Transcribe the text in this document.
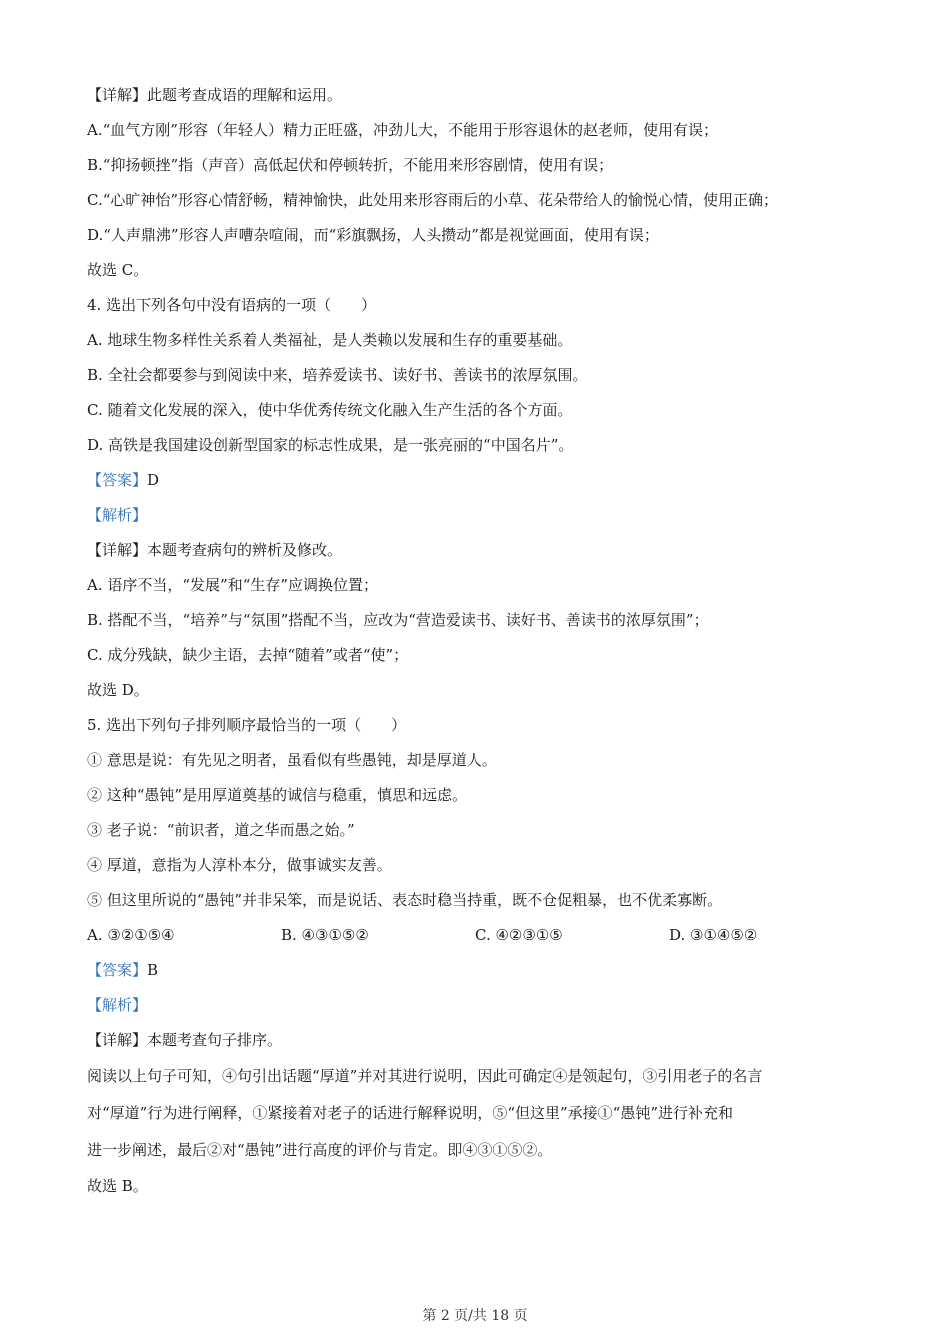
【详解】此题考查成语的理解和运用。
A.“血气方刚”形容（年轻人）精力正旺盛，冲劲儿大，不能用于形容退休的赵老师，使用有误；
B.“抑扬顿挫”指（声音）高低起伏和停顿转折，不能用来形容剧情，使用有误；
C.“心旷神怡”形容心情舒畅，精神愉快，此处用来形容雨后的小草、花朵带给人的愉悦心情，使用正确；
D.“人声鼎沸”形容人声嘈杂喧闹，而“彩旗飘扬，人头攒动”都是视觉画面，使用有误；
故选 C。
4. 选出下列各句中没有语病的一项（　　）
A. 地球生物多样性关系着人类福祉，是人类赖以发展和生存的重要基础。
B. 全社会都要参与到阅读中来，培养爱读书、读好书、善读书的浓厚氛围。
C. 随着文化发展的深入，使中华优秀传统文化融入生产生活的各个方面。
D. 高铁是我国建设创新型国家的标志性成果，是一张亮丽的“中国名片”。
【答案】D
【解析】
【详解】本题考查病句的辨析及修改。
A. 语序不当，“发展”和“生存”应调换位置；
B. 搭配不当，“培养”与“氛围”搭配不当，应改为“营造爱读书、读好书、善读书的浓厚氛围”；
C. 成分残缺，缺少主语，去掉“随着”或者“使”；
故选 D。
5. 选出下列句子排列顺序最恰当的一项（　　）
① 意思是说：有先见之明者，虽看似有些愚钝，却是厚道人。
② 这种“愚钝”是用厚道奠基的诚信与稳重，慎思和远虑。
③ 老子说：“前识者，道之华而愚之始。”
④ 厚道，意指为人淳朴本分，做事诚实友善。
⑤ 但这里所说的“愚钝”并非呆笨，而是说话、表态时稳当持重，既不仓促粗暴，也不优柔寡断。
A. ③②①⑤④	B. ④③①⑤②	C. ④②③①⑤	D. ③①④⑤②
【答案】B
【解析】
【详解】本题考查句子排序。
阅读以上句子可知，④句引出话题“厚道”并对其进行说明，因此可确定④是领起句，③引用老子的名言
对“厚道”行为进行阐释，①紧接着对老子的话进行解释说明，⑤“但这里”承接①“愚钝”进行补充和
进一步阐述，最后②对“愚钝”进行高度的评价与肯定。即④③①⑤②。
故选 B。
第 2 页/共 18 页
